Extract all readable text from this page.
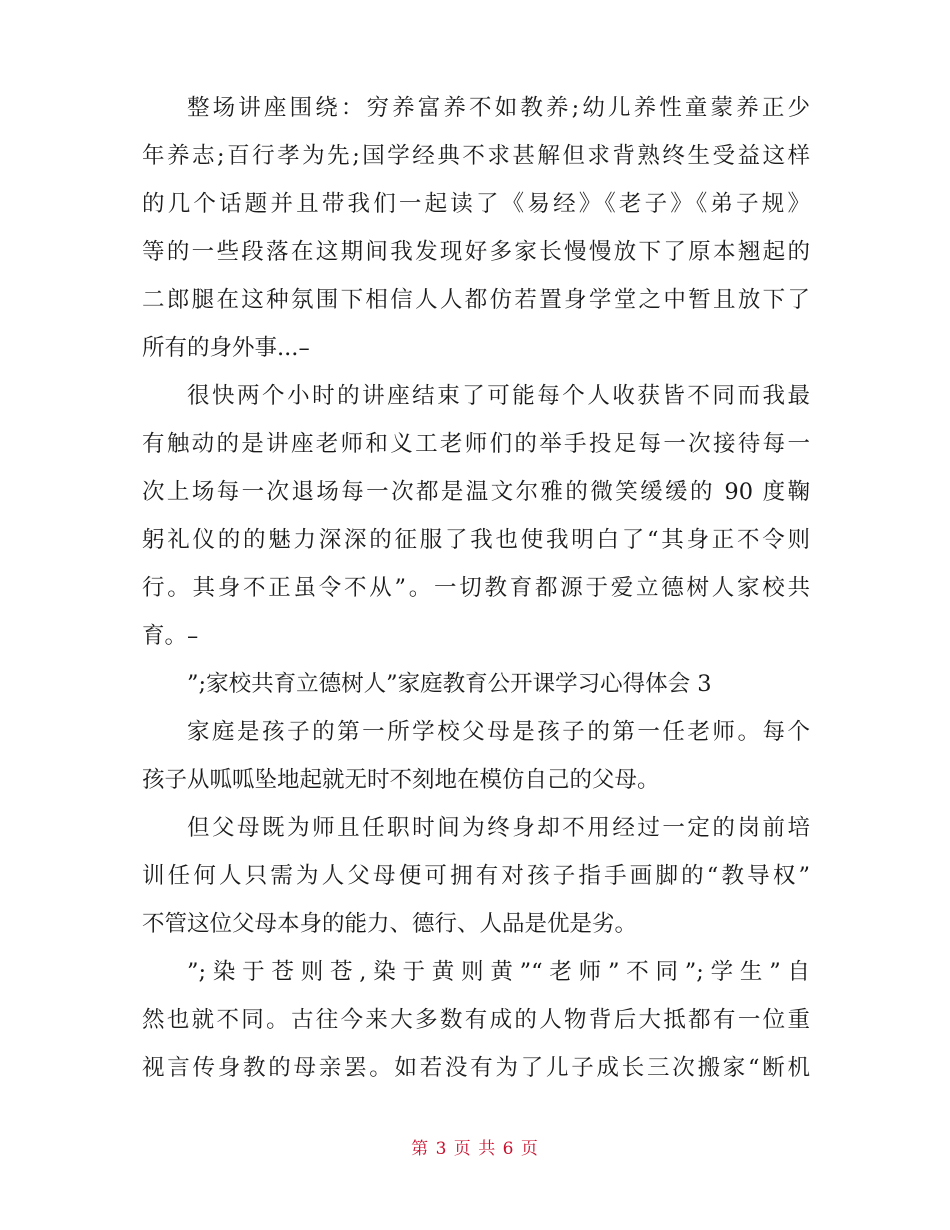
整场讲座围绕：穷养富养不如教养;幼儿养性童蒙养正少
年养志;百行孝为先;国学经典不求甚解但求背熟终生受益这样
的几个话题并且带我们一起读了《易经》《老子》《弟子规》
等的一些段落在这期间我发现好多家长慢慢放下了原本翘起的
二郎腿在这种氛围下相信人人都仿若置身学堂之中暂且放下了
所有的身外事...–
很快两个小时的讲座结束了可能每个人收获皆不同而我最
有触动的是讲座老师和义工老师们的举手投足每一次接待每一
次上场每一次退场每一次都是温文尔雅的微笑缓缓的 90 度鞠
躬礼仪的的魅力深深的征服了我也使我明白了“其身正不令则
行。其身不正虽令不从”。一切教育都源于爱立德树人家校共
育。–
”;家校共育立德树人”家庭教育公开课学习心得体会 3
家庭是孩子的第一所学校父母是孩子的第一任老师。每个
孩子从呱呱坠地起就无时不刻地在模仿自己的父母。
但父母既为师且任职时间为终身却不用经过一定的岗前培
训任何人只需为人父母便可拥有对孩子指手画脚的“教导权”
不管这位父母本身的能力、德行、人品是优是劣。
”;染于苍则苍,染于黄则黄”“老师”不同”;学生”自
然也就不同。古往今来大多数有成的人物背后大抵都有一位重
视言传身教的母亲罢。如若没有为了儿子成长三次搬家“断机
第 3 页 共 6 页
